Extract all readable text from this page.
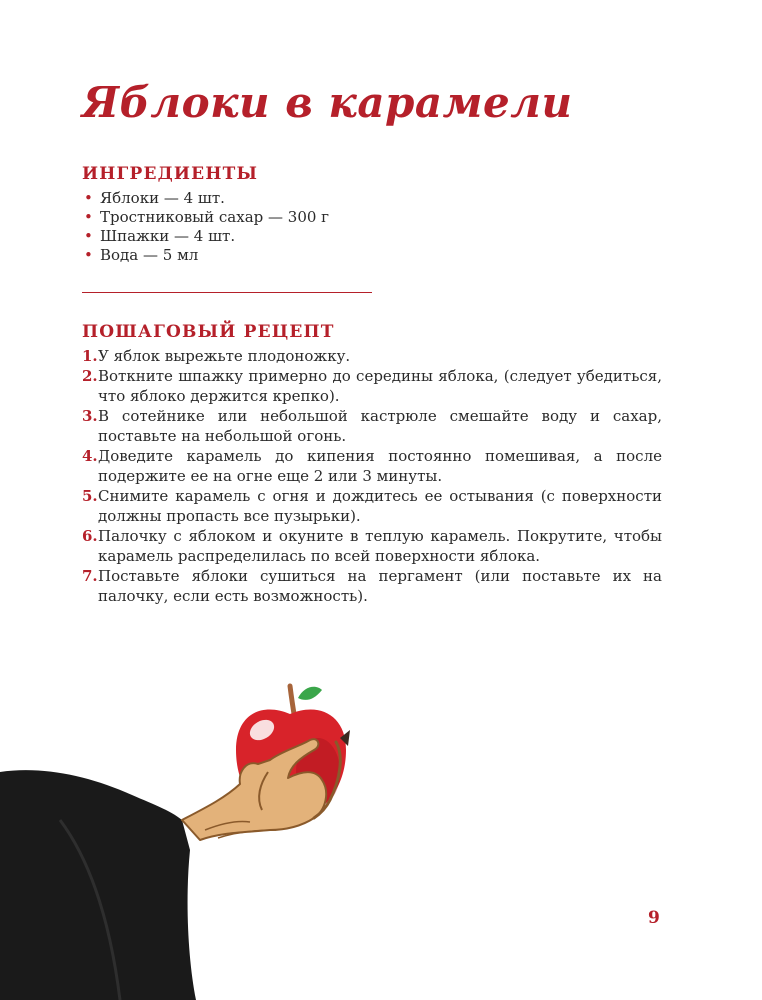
Яблоки в карамели
ИНГРЕДИЕНТЫ
• Яблоки — 4 шт.
• Тростниковый сахар — 300 г
• Шпажки — 4 шт.
• Вода — 5 мл
ПОШАГОВЫЙ РЕЦЕПТ
1. У яблок вырежьте плодоножку.
2. Воткните шпажку примерно до середины яблока, (следует убедиться, что яблоко держится крепко).
3. В сотейнике или небольшой кастрюле смешайте воду и сахар, поставьте на небольшой огонь.
4. Доведите карамель до кипения постоянно помешивая, а после подержите ее на огне еще 2 или 3 минуты.
5. Снимите карамель с огня и дождитесь ее остывания (с поверхности должны пропасть все пузырьки).
6. Палочку с яблоком и окуните в теплую карамель. Покрутите, чтобы карамель распределилась по всей поверхности яблока.
7. Поставьте яблоки сушиться на пергамент (или поставьте их на палочку, если есть возможность).
9
